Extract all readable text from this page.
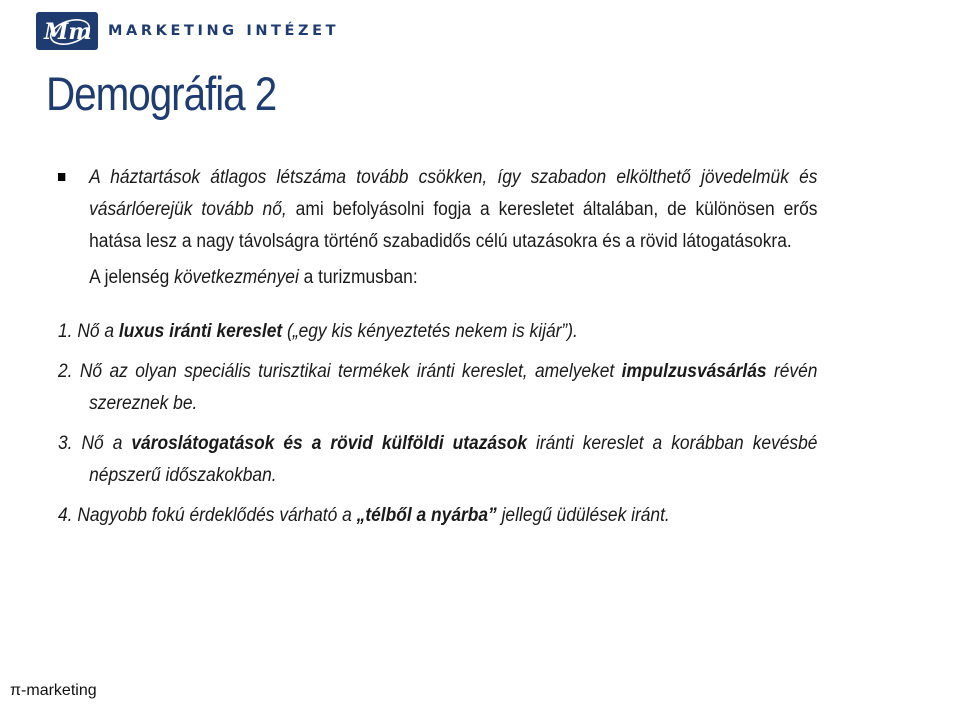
Mm MARKETING INTÉZET
Demográfia 2

A háztartások átlagos létszáma tovább csökken, így szabadon elkölthető jövedelmük és vásárlóerejük tovább nő, ami befolyásolni fogja a keresletet általában, de különösen erős hatása lesz a nagy távolságra történő szabadidős célú utazásokra és a rövid látogatásokra.

A jelenség következményei a turizmusban:

1. Nő a luxus iránti kereslet („egy kis kényeztetés nekem is kijár”).

2. Nő az olyan speciális turisztikai termékek iránti kereslet, amelyeket impulzusvásárlás révén szereznek be.

3. Nő a városlátogatások és a rövid külföldi utazások iránti kereslet a korábban kevésbé népszerű időszakokban.

4. Nagyobb fokú érdeklődés várható a „télből a nyárba” jellegű üdülések iránt.

π-marketing
